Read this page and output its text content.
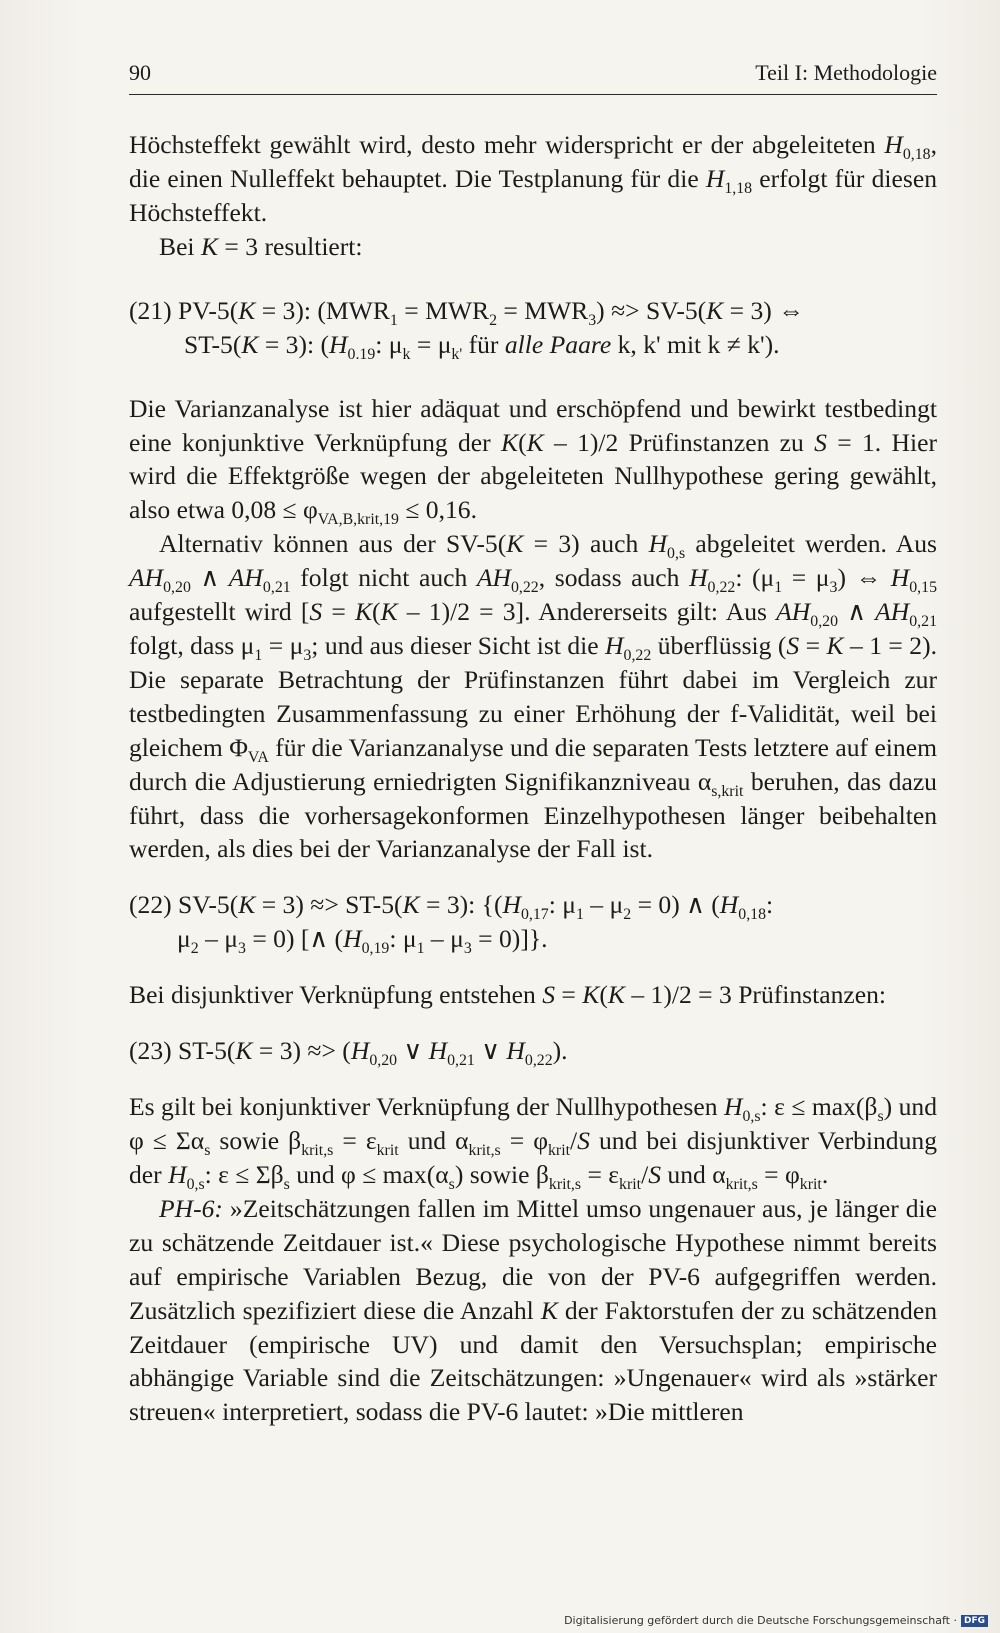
90	Teil I: Methodologie

Höchsteffekt gewählt wird, desto mehr widerspricht er der abgeleiteten $H_{0,18}$, die einen Nulleffekt behauptet. Die Testplanung für die $H_{1,18}$ erfolgt für diesen Höchsteffekt.

Bei K = 3 resultiert:

(21) PV-5(K = 3): $(MWR_1 = MWR_2 = MWR_3) \approx> SV-5(K = 3)$ ⇔

ST-5(K = 3): ($H_{0.19}$: $\mu_k = \mu_{k'}$ für alle Paare k, k' mit k ≠ k').

Die Varianzanalyse ist hier adäquat und erschöpfend und bewirkt testbedingt eine konjunktive Verknüpfung der K(K – 1)/2 Prüfinstanzen zu S = 1. Hier wird die Effektgröße wegen der abgeleiteten Nullhypothese gering gewählt, also etwa $0,08 \le \varphi_{VA,B,krit,19} \le 0,16$.

Alternativ können aus der SV-5(K = 3) auch $H_{0,s}$ abgeleitet werden. Aus $AH_{0,20}$ ∧ $AH_{0,21}$ folgt nicht auch $AH_{0,22}$, sodass auch $H_{0,22}$: $(\mu_1 = \mu_3)$ ⇔ $H_{0,15}$ aufgestellt wird [S = K(K – 1)/2 = 3]. Andererseits gilt: Aus $AH_{0,20}$ ∧ $AH_{0,21}$ folgt, dass $\mu_1 = \mu_3$; und aus dieser Sicht ist die $H_{0,22}$ überflüssig (S = K – 1 = 2). Die separate Betrachtung der Prüfinstanzen führt dabei im Vergleich zur testbedingten Zusammenfassung zu einer Erhöhung der f-Validität, weil bei gleichem $\Phi_{VA}$ für die Varianzanalyse und die separaten Tests letztere auf einem durch die Adjustierung erniedrigten Signifikanzniveau $\alpha_{s,krit}$ beruhen, das dazu führt, dass die vorhersagekonformen Einzelhypothesen länger beibehalten werden, als dies bei der Varianzanalyse der Fall ist.

(22) SV-5(K = 3) ≈> ST-5(K = 3): {($H_{0,17}$: $\mu_1 - \mu_2 = 0$) ∧ ($H_{0,18}$:

$\mu_2 - \mu_3 = 0$) [∧ ($H_{0,19}$: $\mu_1 - \mu_3 = 0$)]}.

Bei disjunktiver Verknüpfung entstehen S = K(K – 1)/2 = 3 Prüfinstanzen:

(23) $ST-5(K = 3) \approx> (H_{0,20}$ ∨ $H_{0,21}$ ∨ $H_{0,22}$).

Es gilt bei konjunktiver Verknüpfung der Nullhypothesen $H_{0,s}$: $\varepsilon \le \max(\beta_s)$ und $\varphi \le \Sigma\alpha_s$ sowie $\beta_{krit,s} = \varepsilon_{krit}$ und $\alpha_{krit,s} = \varphi_{krit}/S$ und bei disjunktiver Verbindung der $H_{0,s}$: $\varepsilon \le \Sigma\beta_s$ und $\varphi \le \max(\alpha_s)$ sowie $\beta_{krit,s} = \varepsilon_{krit}/S$ und $\alpha_{krit,s} = \varphi_{krit}$.

PH-6: »Zeitschätzungen fallen im Mittel umso ungenauer aus, je länger die zu schätzende Zeitdauer ist.« Diese psychologische Hypothese nimmt bereits auf empirische Variablen Bezug, die von der PV-6 aufgegriffen werden. Zusätzlich spezifiziert diese die Anzahl K der Faktorstufen der zu schätzenden Zeitdauer (empirische UV) und damit den Versuchsplan; empirische abhängige Variable sind die Zeitschätzungen: »Ungenauer« wird als »stärker streuen« interpretiert, sodass die PV-6 lautet: »Die mittleren

Digitalisierung gefördert durch die Deutsche Forschungsgemeinschaft · DFG
